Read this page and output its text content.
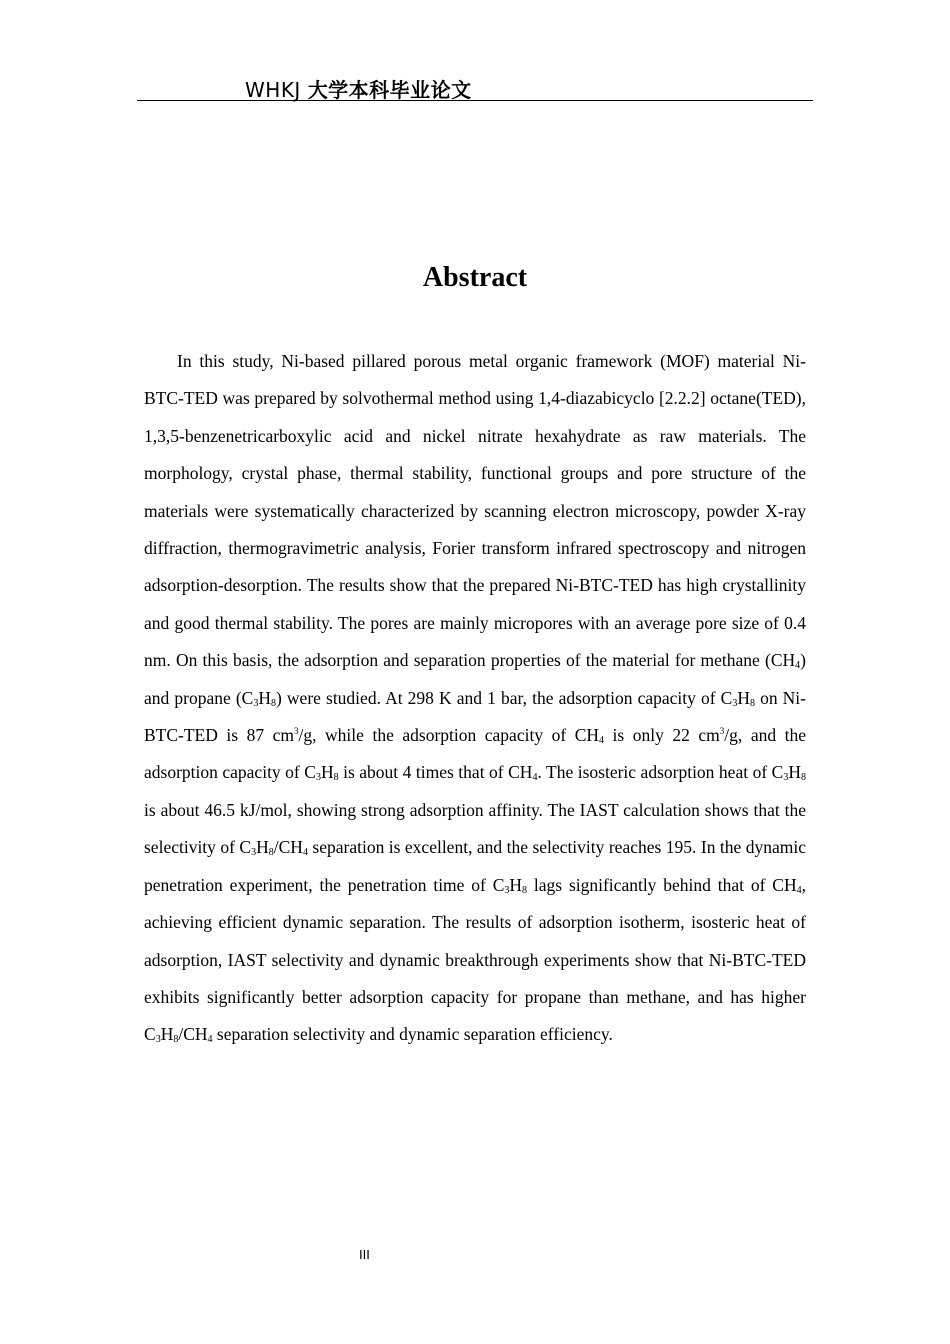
WHKJ 大学本科毕业论文
Abstract

In this study, Ni-based pillared porous metal organic framework (MOF) material Ni-BTC-TED was prepared by solvothermal method using 1,4-diazabicyclo [2.2.2] octane(TED), 1,3,5-benzenetricarboxylic acid and nickel nitrate hexahydrate as raw materials. The morphology, crystal phase, thermal stability, functional groups and pore structure of the materials were systematically characterized by scanning electron microscopy, powder X-ray diffraction, thermogravimetric analysis, Forier transform infrared spectroscopy and nitrogen adsorption-desorption. The results show that the prepared Ni-BTC-TED has high crystallinity and good thermal stability. The pores are mainly micropores with an average pore size of 0.4 nm. On this basis, the adsorption and separation properties of the material for methane $(CH_4)$ and propane $(C_3H_8)$ were studied. At 298 K and 1 bar, the adsorption capacity of $C_3H_8$ on Ni-BTC-TED is 87 $cm^3/g$, while the adsorption capacity of $CH_4$ is only 22 $cm^3/g$, and the adsorption capacity of $C_3H_8$ is about 4 times that of $CH_4$. The isosteric adsorption heat of $C_3H_8$ is about 46.5 kJ/mol, showing strong adsorption affinity. The IAST calculation shows that the selectivity of $C_3H_8/CH_4$ separation is excellent, and the selectivity reaches 195. In the dynamic penetration experiment, the penetration time of $C_3H_8$ lags significantly behind that of $CH_4$, achieving efficient dynamic separation. The results of adsorption isotherm, isosteric heat of adsorption, IAST selectivity and dynamic breakthrough experiments show that Ni-BTC-TED exhibits significantly better adsorption capacity for propane than methane, and has higher $C_3H_8/CH_4$ separation selectivity and dynamic separation efficiency.

III
